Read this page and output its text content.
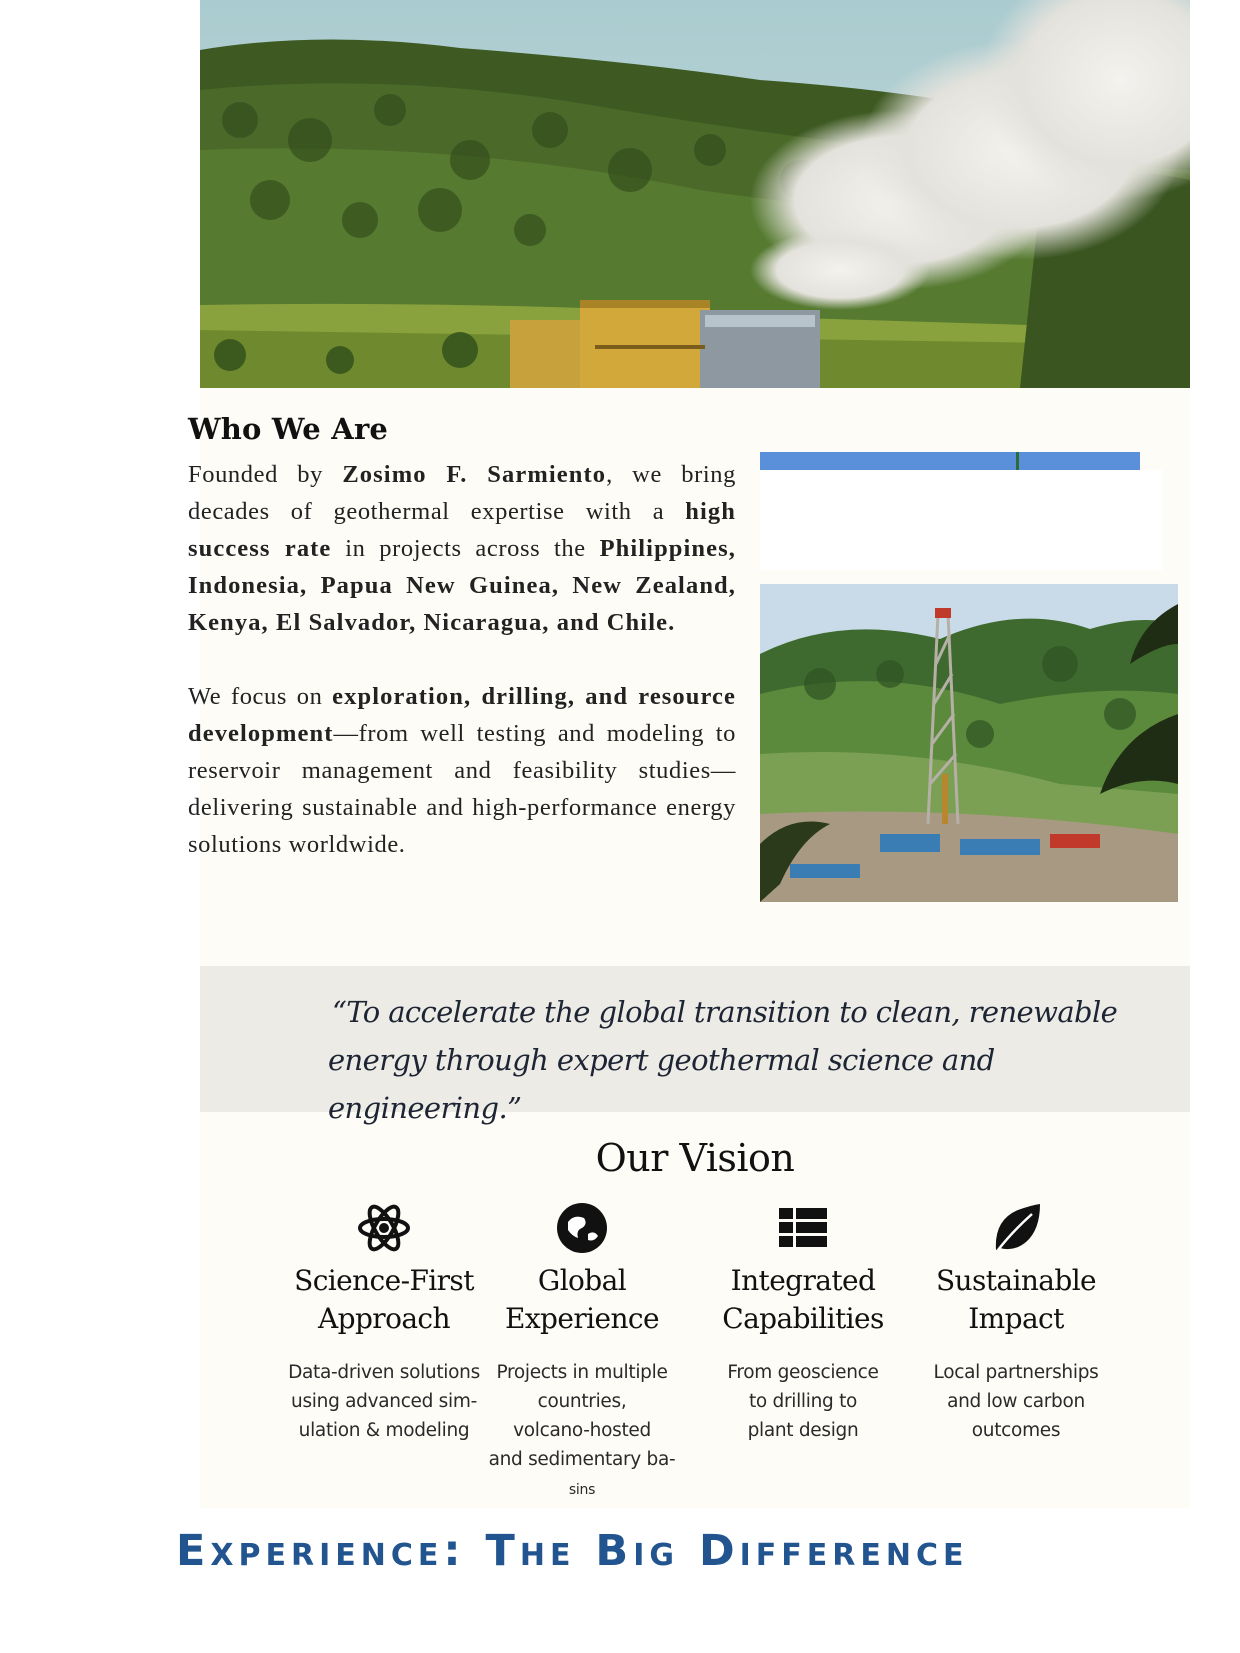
Who We Are

Founded by Zosimo F. Sarmiento, we bring decades of geothermal expertise with a high success rate in projects across the Philippines, Indonesia, Papua New Guinea, New Zealand, Kenya, El Salvador, Nicaragua, and Chile.

We focus on exploration, drilling, and resource development—from well testing and modeling to reservoir management and feasibility studies—delivering sustainable and high-performance energy solutions worldwide.

“To accelerate the global transition to clean, renewable
energy through expert geothermal science and engineering.”
Our Vision
Science-First
Approach
Data-driven solutions
using advanced sim-
ulation & modeling
Global
Experience
Projects in multiple
countries,
volcano-hosted
and sedimentary ba-
sins
Integrated
Capabilities
From geoscience
to drilling to
plant design
Sustainable
Impact
Local partnerships
and low carbon
outcomes
Experience: The Big Difference
